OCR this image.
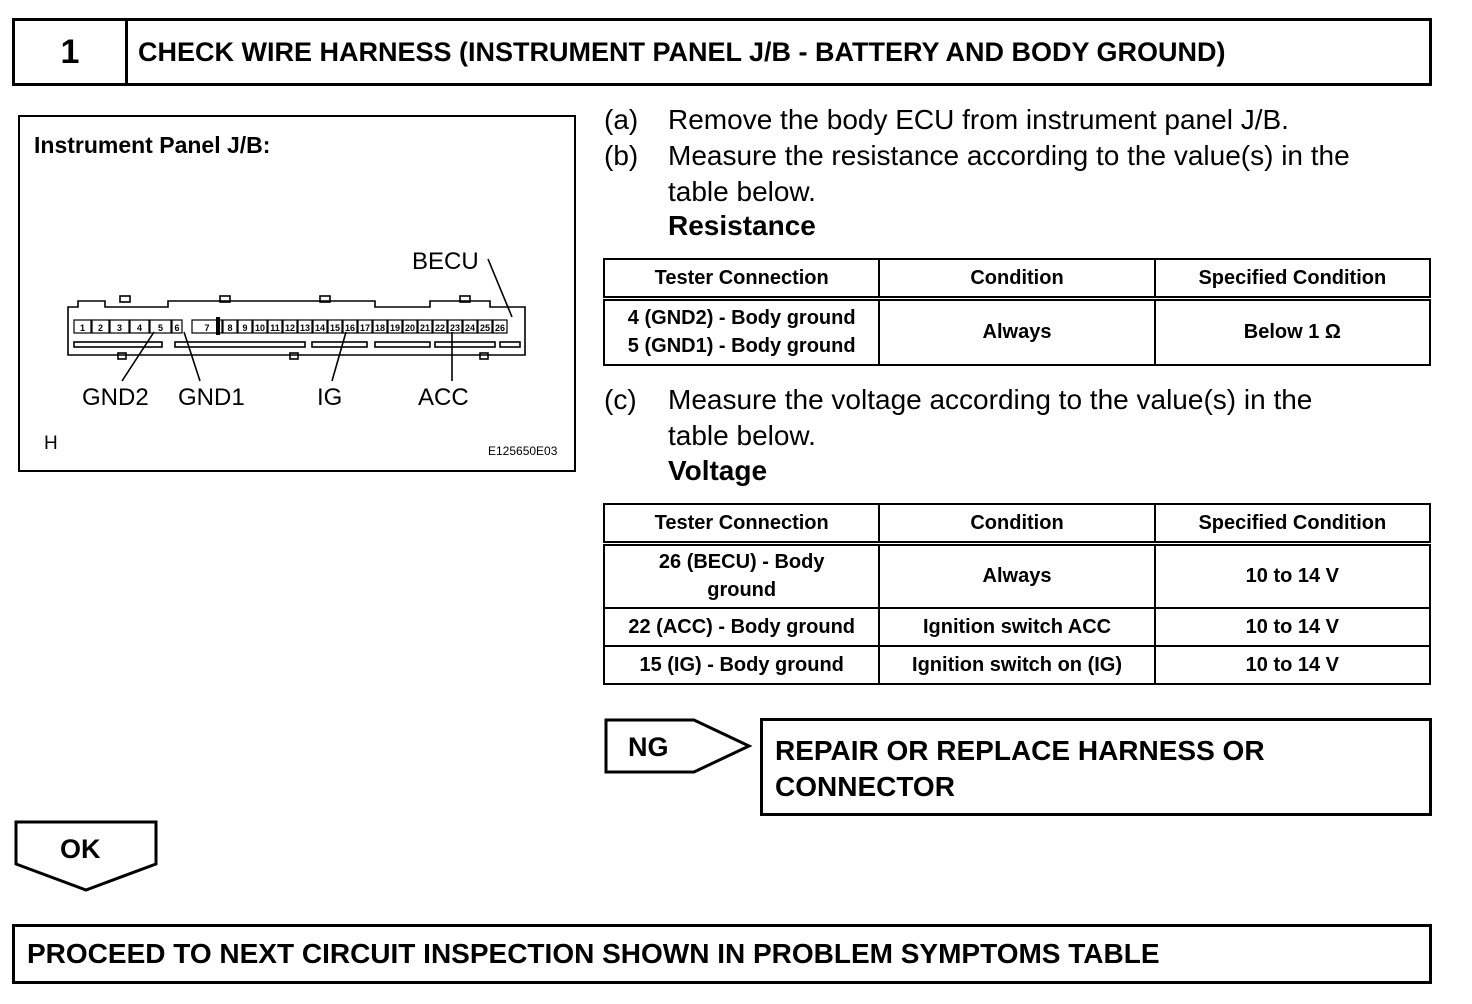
1	CHECK WIRE HARNESS (INSTRUMENT PANEL J/B - BATTERY AND BODY GROUND)
Instrument Panel J/B:
1 2 3 4 5 6	7 8 9 10 11 12 13 14 15 16 17 18 19 20 21 22 23 24 25 26
BECU
GND2 GND1	IG	ACC
H	E125650E03
(a) Remove the body ECU from instrument panel J/B.
(b) Measure the resistance according to the value(s) in the
table below.
Resistance
Tester Connection	Condition	Specified Condition

4 (GND2) - Body ground
5 (GND1) - Body ground	Always	Below 1 Ω
(c) Measure the voltage according to the value(s) in the
table below.
Voltage
Tester Connection	Condition	Specified Condition

26 (BECU) - Body
ground	Always	10 to 14 V
22 (ACC) - Body ground	Ignition switch ACC	10 to 14 V
15 (IG) - Body ground	Ignition switch on (IG)	10 to 14 V
NG	REPAIR OR REPLACE HARNESS OR
CONNECTOR
OK
PROCEED TO NEXT CIRCUIT INSPECTION SHOWN IN PROBLEM SYMPTOMS TABLE
